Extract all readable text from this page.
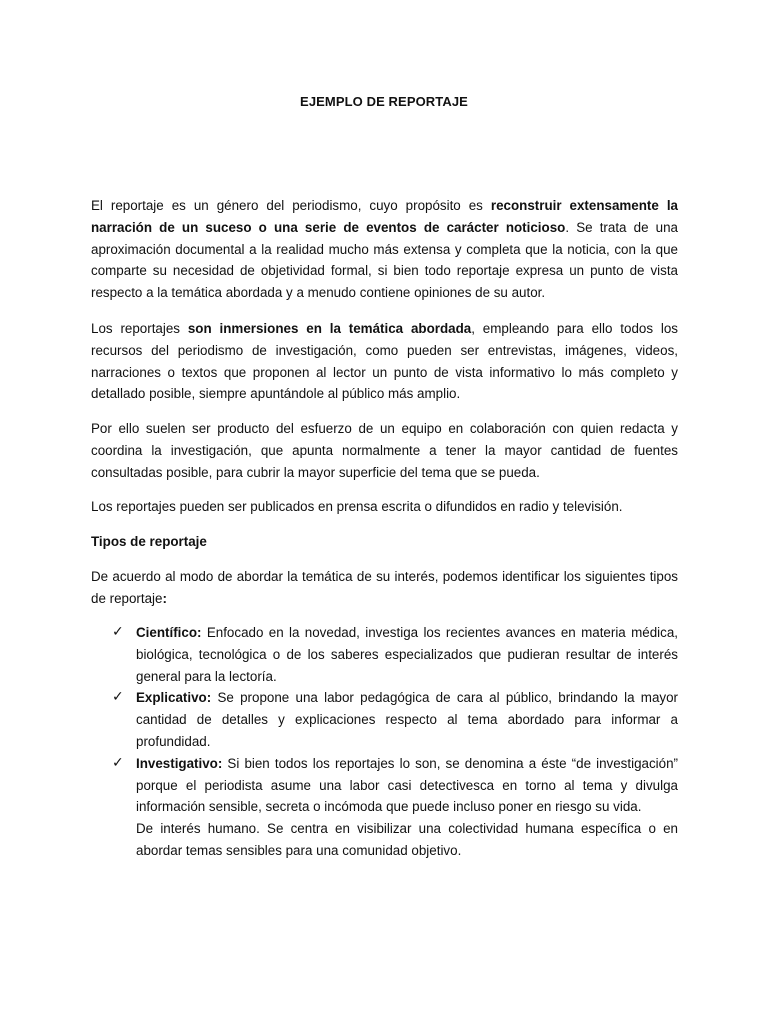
EJEMPLO DE REPORTAJE

El reportaje es un género del periodismo, cuyo propósito es reconstruir extensamente la narración de un suceso o una serie de eventos de carácter noticioso. Se trata de una aproximación documental a la realidad mucho más extensa y completa que la noticia, con la que comparte su necesidad de objetividad formal, si bien todo reportaje expresa un punto de vista respecto a la temática abordada y a menudo contiene opiniones de su autor.

Los reportajes son inmersiones en la temática abordada, empleando para ello todos los recursos del periodismo de investigación, como pueden ser entrevistas, imágenes, videos, narraciones o textos que proponen al lector un punto de vista informativo lo más completo y detallado posible, siempre apuntándole al público más amplio.

Por ello suelen ser producto del esfuerzo de un equipo en colaboración con quien redacta y coordina la investigación, que apunta normalmente a tener la mayor cantidad de fuentes consultadas posible, para cubrir la mayor superficie del tema que se pueda.

Los reportajes pueden ser publicados en prensa escrita o difundidos en radio y televisión.

Tipos de reportaje

De acuerdo al modo de abordar la temática de su interés, podemos identificar los siguientes tipos de reportaje:

✓ Científico: Enfocado en la novedad, investiga los recientes avances en materia médica, biológica, tecnológica o de los saberes especializados que pudieran resultar de interés general para la lectoría.
✓ Explicativo: Se propone una labor pedagógica de cara al público, brindando la mayor cantidad de detalles y explicaciones respecto al tema abordado para informar a profundidad.
✓ Investigativo: Si bien todos los reportajes lo son, se denomina a éste “de investigación” porque el periodista asume una labor casi detectivesca en torno al tema y divulga información sensible, secreta o incómoda que puede incluso poner en riesgo su vida.
De interés humano. Se centra en visibilizar una colectividad humana específica o en abordar temas sensibles para una comunidad objetivo.
